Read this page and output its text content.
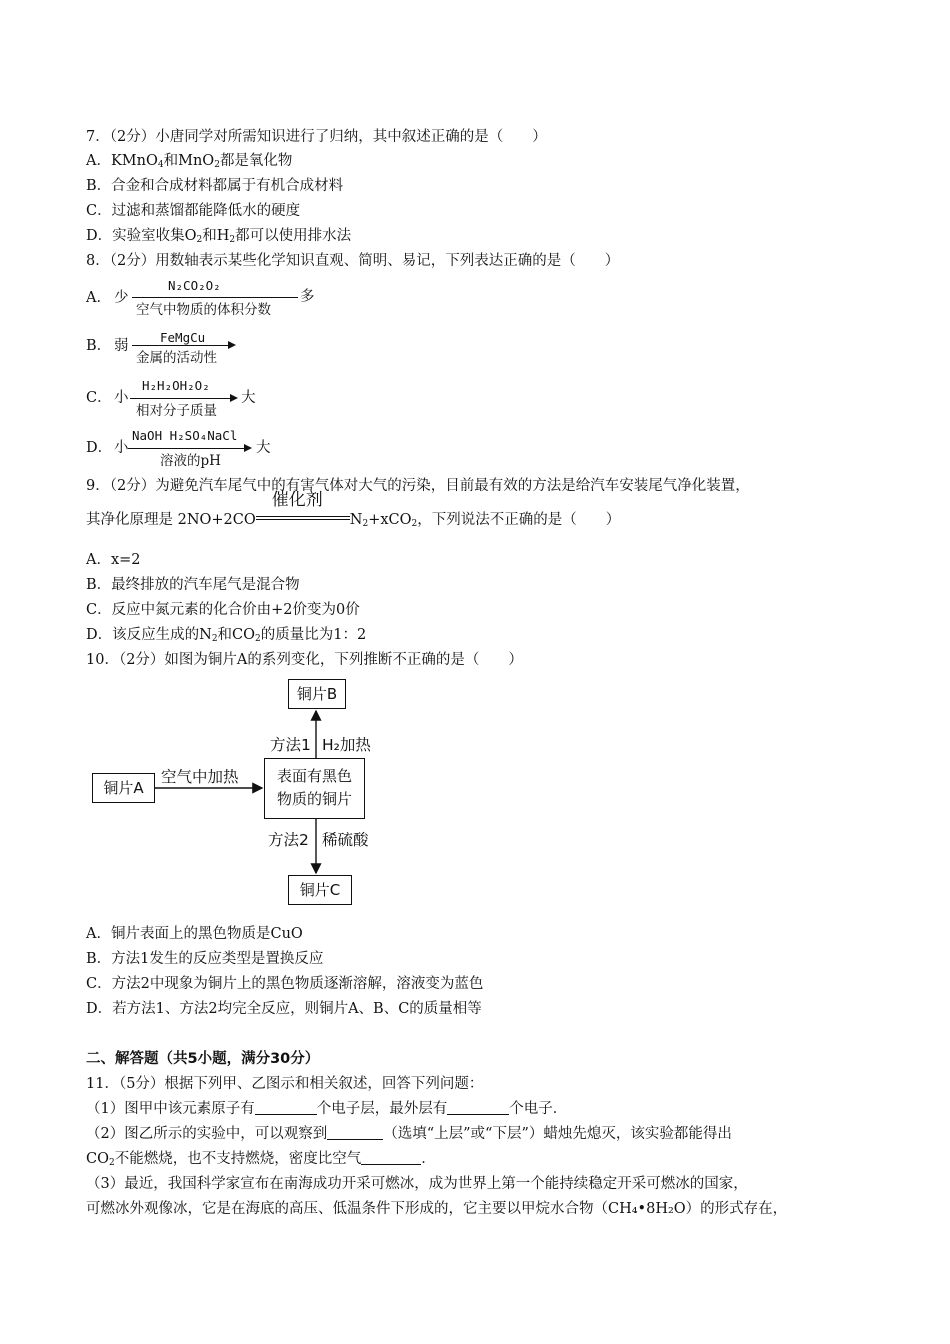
7．（2分）小唐同学对所需知识进行了归纳，其中叙述正确的是（　　）
A．KMnO$_4$和MnO$_2$都是氧化物
B．合金和合成材料都属于有机合成材料
C．过滤和蒸馏都能降低水的硬度
D．实验室收集$O_2$和$H_2$都可以使用排水法
8．（2分）用数轴表示某些化学知识直观、简明、易记，下列表达正确的是（　　）
A． 少
N₂CO₂O₂
空气中物质的体积分数
多
B． 弱
FeMgCu
金属的活动性
C． 小
H₂H₂OH₂O₂
相对分子质量
大
D． 小
NaOH H₂SO₄NaCl
溶液的pH
大
9．（2分）为避免汽车尾气中的有害气体对大气的污染，目前最有效的方法是给汽车安装尾气净化装置，
其净化原理是 2NO+2CO
催化剂
$N_2+xCO_2$，下列说法不正确的是（　　）
A．x=2
B．最终排放的汽车尾气是混合物
C．反应中氮元素的化合价由+2价变为0价
D．该反应生成的$N_2$和$CO_2$的质量比为1：2
10．（2分）如图为铜片A的系列变化，下列推断不正确的是（　　）
铜片A
表面有黑色
物质的铜片
铜片B
铜片C
空气中加热
方法1 H₂加热
方法2 稀硫酸
A．铜片表面上的黑色物质是CuO
B．方法1发生的反应类型是置换反应
C．方法2中现象为铜片上的黑色物质逐渐溶解，溶液变为蓝色
D．若方法1、方法2均完全反应，则铜片A、B、C的质量相等
二、解答题（共5小题，满分30分）
11．（5分）根据下列甲、乙图示和相关叙述，回答下列问题：
（1）图甲中该元素原子有	个电子层，最外层有	个电子．
（2）图乙所示的实验中，可以观察到	（选填“上层”或“下层”）蜡烛先熄灭，该实验都能得出
$CO_2$不能燃烧，也不支持燃烧，密度比空气	．
（3）最近，我国科学家宣布在南海成功开采可燃冰，成为世界上第一个能持续稳定开采可燃冰的国家，
可燃冰外观像冰，它是在海底的高压、低温条件下形成的，它主要以甲烷水合物（CH₄•8H₂O）的形式存在，
